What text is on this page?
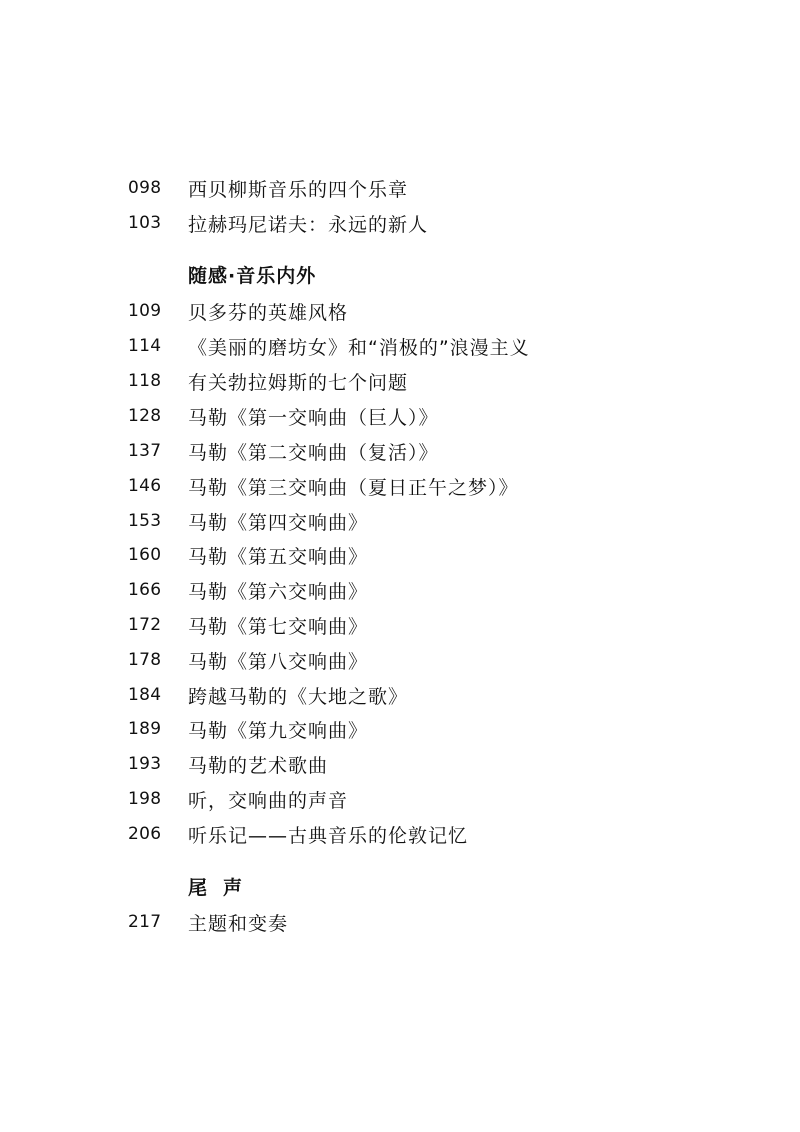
098	西贝柳斯音乐的四个乐章
103	拉赫玛尼诺夫：永远的新人
随感·音乐内外
109	贝多芬的英雄风格
114	《美丽的磨坊女》和“消极的”浪漫主义
118	有关勃拉姆斯的七个问题
128	马勒《第一交响曲（巨人）》
137	马勒《第二交响曲（复活）》
146	马勒《第三交响曲（夏日正午之梦）》
153	马勒《第四交响曲》
160	马勒《第五交响曲》
166	马勒《第六交响曲》
172	马勒《第七交响曲》
178	马勒《第八交响曲》
184	跨越马勒的《大地之歌》
189	马勒《第九交响曲》
193	马勒的艺术歌曲
198	听，交响曲的声音
206	听乐记——古典音乐的伦敦记忆
尾声
217	主题和变奏
